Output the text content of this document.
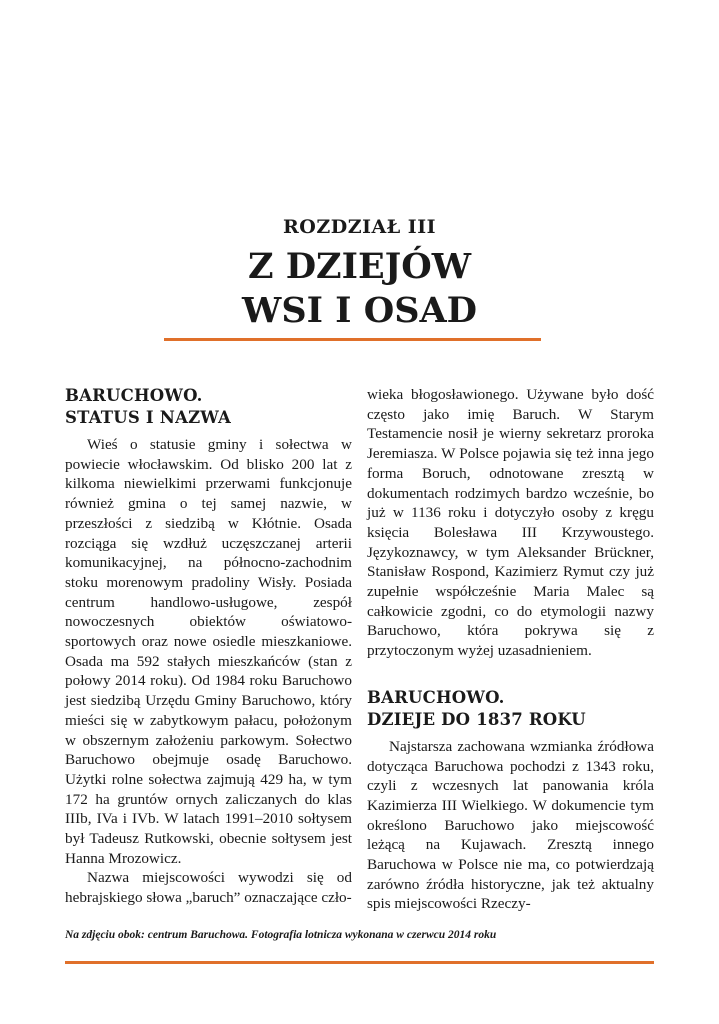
ROZDZIAŁ III
Z DZIEJÓW
WSI I OSAD
BARUCHOWO.
STATUS I NAZWA

Wieś o statusie gminy i sołectwa w powiecie włocławskim. Od blisko 200 lat z kilkoma niewielkimi przerwami funkcjonuje również gmina o tej samej nazwie, w przeszłości z siedzibą w Kłótnie. Osada rozciąga się wzdłuż uczęszczanej arterii komunikacyjnej, na północno-zachodnim stoku morenowym pradoliny Wisły. Posiada centrum handlowo-usługowe, zespół nowoczesnych obiektów oświatowo-sportowych oraz nowe osiedle mieszkaniowe. Osada ma 592 stałych mieszkańców (stan z połowy 2014 roku). Od 1984 roku Baruchowo jest siedzibą Urzędu Gminy Baruchowo, który mieści się w zabytkowym pałacu, położonym w obszernym założeniu parkowym. Sołectwo Baruchowo obejmuje osadę Baruchowo. Użytki rolne sołectwa zajmują 429 ha, w tym 172 ha gruntów ornych zaliczanych do klas IIIb, IVa i IVb. W latach 1991–2010 sołtysem był Tadeusz Rutkowski, obecnie sołtysem jest Hanna Mrozowicz.

Nazwa miejscowości wywodzi się od hebrajskiego słowa „baruch” oznaczające czło-

wieka błogosławionego. Używane było dość często jako imię Baruch. W Starym Testamencie nosił je wierny sekretarz proroka Jeremiasza. W Polsce pojawia się też inna jego forma Boruch, odnotowane zresztą w dokumentach rodzimych bardzo wcześnie, bo już w 1136 roku i dotyczyło osoby z kręgu księcia Bolesława III Krzywoustego. Językoznawcy, w tym Aleksander Brückner, Stanisław Rospond, Kazimierz Rymut czy już zupełnie współcześnie Maria Malec są całkowicie zgodni, co do etymologii nazwy Baruchowo, która pokrywa się z przytoczonym wyżej uzasadnieniem.

BARUCHOWO.
DZIEJE DO 1837 ROKU

Najstarsza zachowana wzmianka źródłowa dotycząca Baruchowa pochodzi z 1343 roku, czyli z wczesnych lat panowania króla Kazimierza III Wielkiego. W dokumencie tym określono Baruchowo jako miejscowość leżącą na Kujawach. Zresztą innego Baruchowa w Polsce nie ma, co potwierdzają zarówno źródła historyczne, jak też aktualny spis miejscowości Rzeczy-

Na zdjęciu obok: centrum Baruchowa. Fotografia lotnicza wykonana w czerwcu 2014 roku
